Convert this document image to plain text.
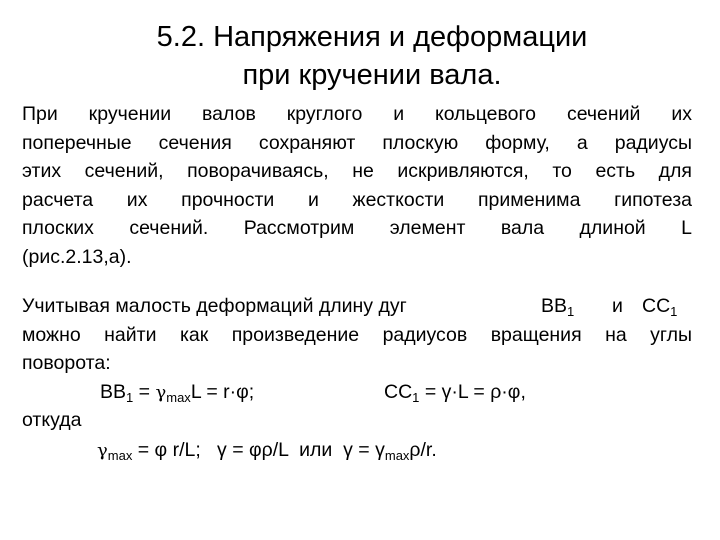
5.2. Напряжения и деформации
при кручении вала.
При кручении валов круглого и кольцевого сечений их
поперечные сечения сохраняют плоскую форму, а радиусы
этих сечений, поворачиваясь, не искривляются, то есть для
расчета их прочности и жесткости применима гипотеза
плоских сечений. Рассмотрим элемент вала длиной L
(рис.2.13,а).
Учитывая малость деформаций длину дуг	$BB_1$ и $CC_1$
можно найти как произведение радиусов вращения на углы
поворота:
$BB_1 = \gamma_{max}L = r\cdot\varphi$;	$CC_1 = \gamma\cdot L = \rho\cdot\varphi$,
откуда
$\gamma_{max} = \varphi$ r/L;   γ = φρ/L  или  $\gamma = \gamma_{max}\rho/r$.
